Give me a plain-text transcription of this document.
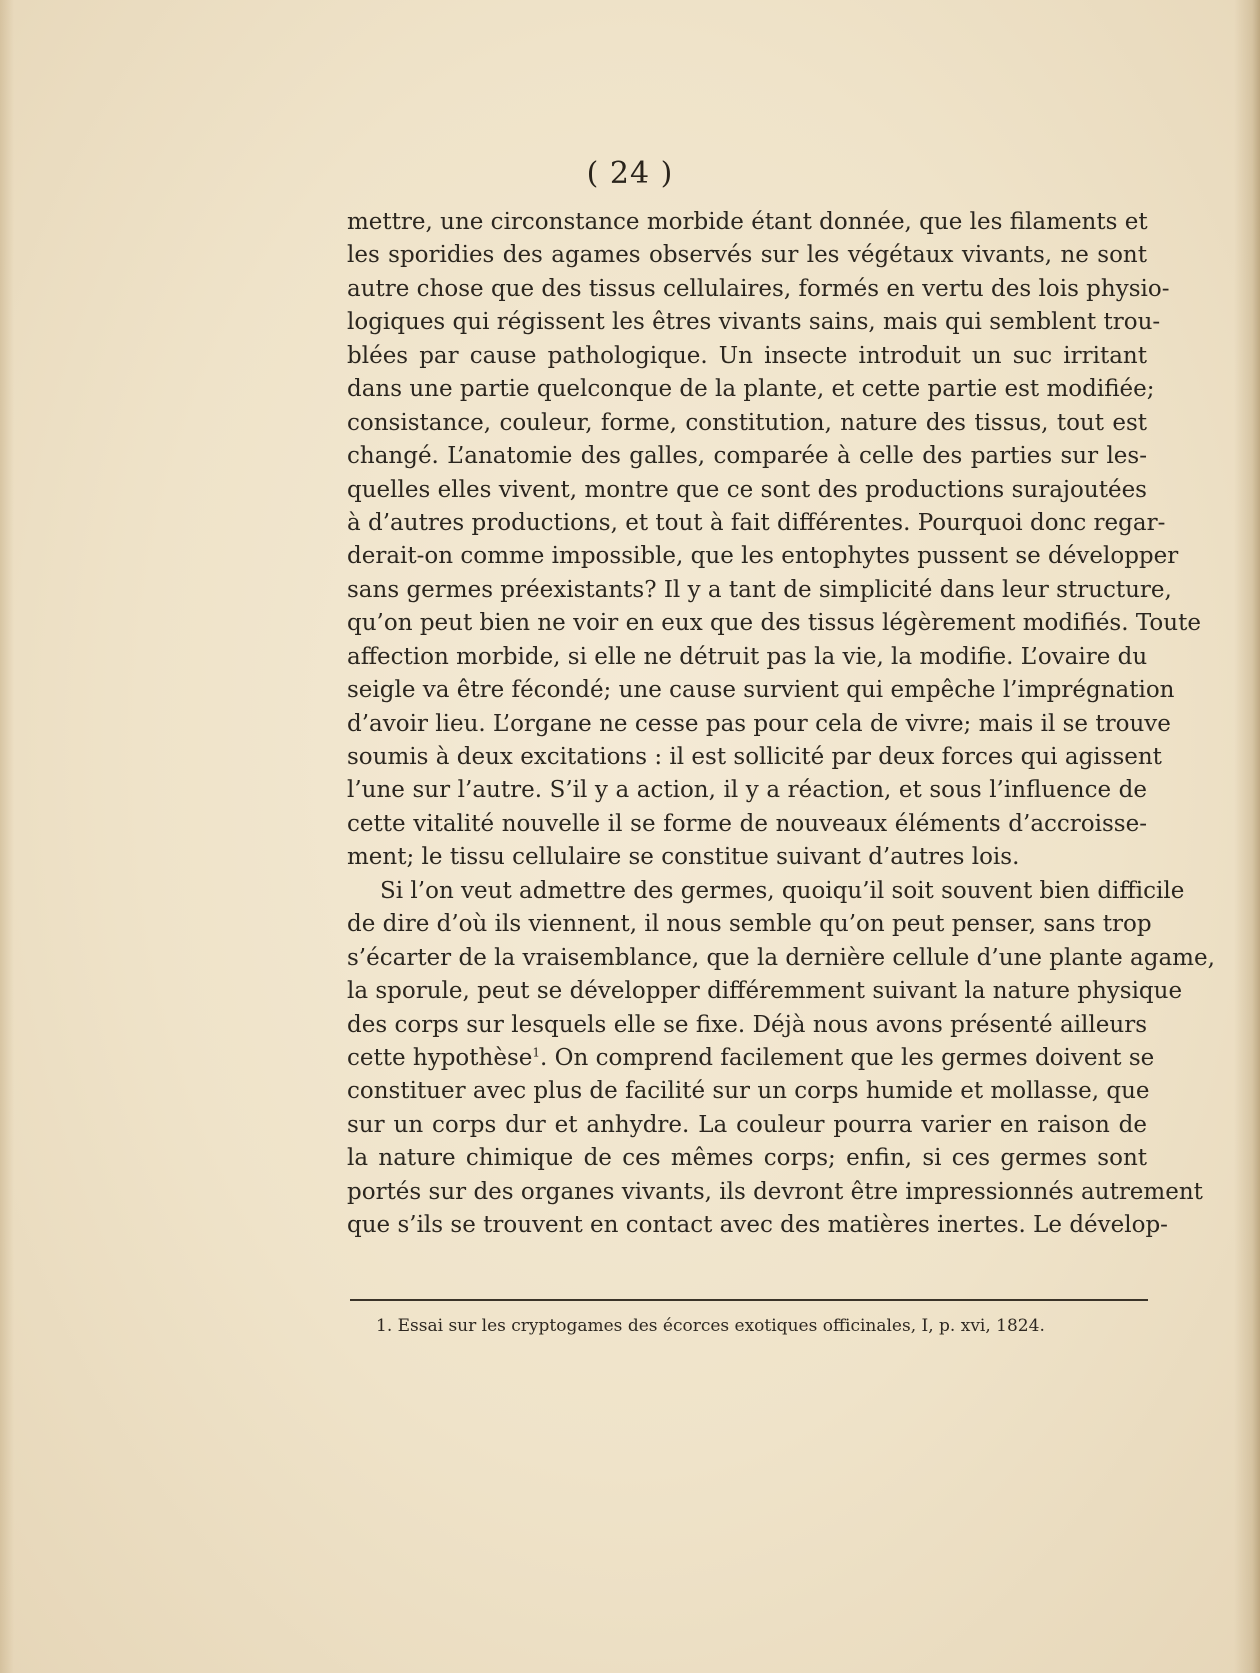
( 24 )
mettre, une circonstance morbide étant donnée, que les filaments et
les sporidies des agames observés sur les végétaux vivants, ne sont
autre chose que des tissus cellulaires, formés en vertu des lois physio-
logiques qui régissent les êtres vivants sains, mais qui semblent trou-
blées par cause pathologique. Un insecte introduit un suc irritant
dans une partie quelconque de la plante, et cette partie est modifiée;
consistance, couleur, forme, constitution, nature des tissus, tout est
changé. L’anatomie des galles, comparée à celle des parties sur les-
quelles elles vivent, montre que ce sont des productions surajoutées
à d’autres productions, et tout à fait différentes. Pourquoi donc regar-
derait-on comme impossible, que les entophytes pussent se développer
sans germes préexistants? Il y a tant de simplicité dans leur structure,
qu’on peut bien ne voir en eux que des tissus légèrement modifiés. Toute
affection morbide, si elle ne détruit pas la vie, la modifie. L’ovaire du
seigle va être fécondé; une cause survient qui empêche l’imprégnation
d’avoir lieu. L’organe ne cesse pas pour cela de vivre; mais il se trouve
soumis à deux excitations : il est sollicité par deux forces qui agissent
l’une sur l’autre. S’il y a action, il y a réaction, et sous l’influence de
cette vitalité nouvelle il se forme de nouveaux éléments d’accroisse-
ment; le tissu cellulaire se constitue suivant d’autres lois.
Si l’on veut admettre des germes, quoiqu’il soit souvent bien difficile
de dire d’où ils viennent, il nous semble qu’on peut penser, sans trop
s’écarter de la vraisemblance, que la dernière cellule d’une plante agame,
la sporule, peut se développer différemment suivant la nature physique
des corps sur lesquels elle se fixe. Déjà nous avons présenté ailleurs
cette hypothèse$^1$. On comprend facilement que les germes doivent se
constituer avec plus de facilité sur un corps humide et mollasse, que
sur un corps dur et anhydre. La couleur pourra varier en raison de
la nature chimique de ces mêmes corps; enfin, si ces germes sont
portés sur des organes vivants, ils devront être impressionnés autrement
que s’ils se trouvent en contact avec des matières inertes. Le dévelop-
1. Essai sur les cryptogames des écorces exotiques officinales, I, p. xvi, 1824.
